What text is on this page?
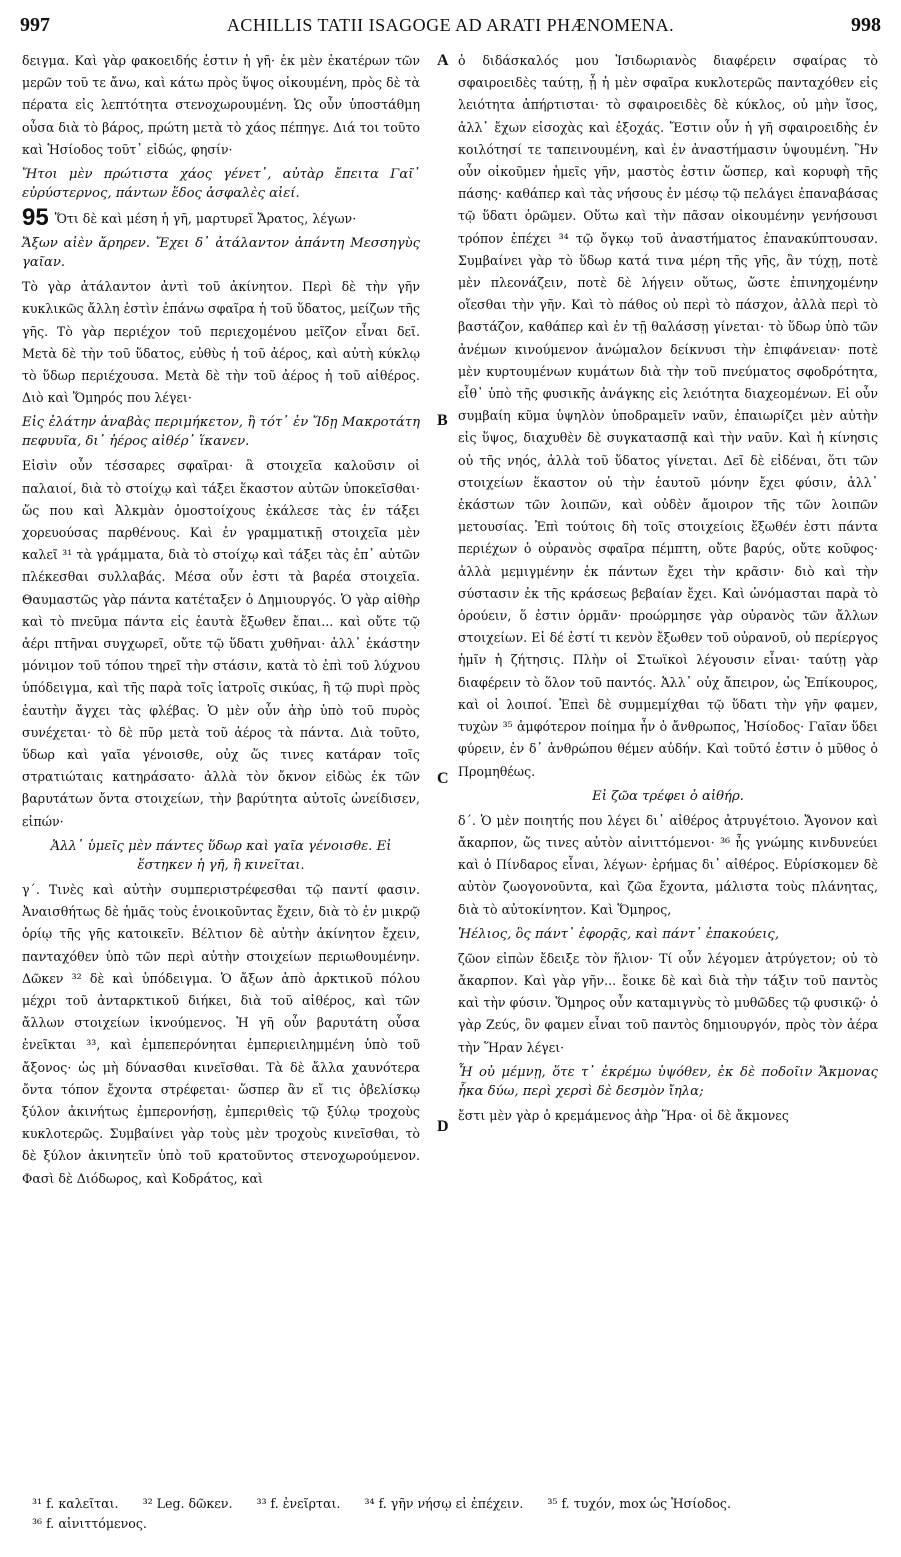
997	ACHILLIS TATII ISAGOGE AD ARATI PHÆNOMENA.	998

δειγμα. Καὶ γὰρ φακοειδής ἐστιν ἡ γῆ· ἐκ μὲν ἑκατέρων τῶν μερῶν τοῦ τε ἄνω, καὶ κάτω πρὸς ὕψος οἰκουμένη, πρὸς δὲ τὰ πέρατα εἰς λεπτότητα στενοχωρουμένη. Ὡς οὖν ὑποστάθμη οὖσα διὰ τὸ βάρος, πρώτη μετὰ τὸ χάος πέπηγε. Διά τοι τοῦτο καὶ Ἡσίοδος τοῦτ᾽ εἰδώς, φησίν·

Ἤτοι μὲν πρώτιστα χάος γένετ᾽, αὐτὰρ ἔπειτα Γαῖ᾽ εὐρύστερνος, πάντων ἕδος ἀσφαλὲς αἰεί.

95 Ὅτι δὲ καὶ μέση ἡ γῆ, μαρτυρεῖ Ἄρατος, λέγων·

Ἄξων αἰὲν ἄρηρεν. Ἔχει δ᾽ ἀτάλαντον ἁπάντη Μεσσηγὺς γαῖαν.

Τὸ γὰρ ἀτάλαντον ἀντὶ τοῦ ἀκίνητον. Περὶ δὲ τὴν γῆν κυκλικῶς ἄλλη ἐστὶν ἐπάνω σφαῖρα ἡ τοῦ ὕδατος, μείζων τῆς γῆς. Τὸ γὰρ περιέχον τοῦ περιεχομένου μεῖζον εἶναι δεῖ. Μετὰ δὲ τὴν τοῦ ὕδατος, εὐθὺς ἡ τοῦ ἀέρος, καὶ αὐτὴ κύκλῳ τὸ ὕδωρ περιέχουσα. Μετὰ δὲ τὴν τοῦ ἀέρος ἡ τοῦ αἰθέρος. Διὸ καὶ Ὅμηρός που λέγει·

Εἰς ἐλάτην ἀναβὰς περιμήκετον, ἢ τότ᾽ ἐν Ἴδῃ Μακροτάτη πεφυυῖα, δι᾽ ἠέρος αἰθέρ᾽ ἵκανεν.

Εἰσὶν οὖν τέσσαρες σφαῖραι· ἃ στοιχεῖα καλοῦσιν οἱ παλαιοί, διὰ τὸ στοίχῳ καὶ τάξει ἕκαστον αὐτῶν ὑποκεῖσθαι· ὥς που καὶ Ἀλκμὰν ὁμοστοίχους ἐκάλεσε τὰς ἐν τάξει χορευούσας παρθένους. Καὶ ἐν γραμματικῇ στοιχεῖα μὲν καλεῖ ³¹ τὰ γράμματα, διὰ τὸ στοίχῳ καὶ τάξει τὰς ἐπ᾽ αὐτῶν πλέκεσθαι συλλαβάς. Μέσα οὖν ἐστι τὰ βαρέα στοιχεῖα. Θαυμαστῶς γὰρ πάντα κατέταξεν ὁ Δημιουργός. Ὁ γὰρ αἰθὴρ καὶ τὸ πνεῦμα πάντα εἰς ἑαυτὰ ἔξωθεν ἔπαι... καὶ οὔτε τῷ ἀέρι πτῆναι συγχωρεῖ, οὔτε τῷ ὕδατι χυθῆναι· ἀλλ᾽ ἑκάστην μόνιμον τοῦ τόπου τηρεῖ τὴν στάσιν, κατὰ τὸ ἐπὶ τοῦ λύχνου ὑπόδειγμα, καὶ τῆς παρὰ τοῖς ἰατροῖς σικύας, ἢ τῷ πυρὶ πρὸς ἑαυτὴν ἄγχει τὰς φλέβας. Ὁ μὲν οὖν ἀὴρ ὑπὸ τοῦ πυρὸς συνέχεται· τὸ δὲ πῦρ μετὰ τοῦ ἀέρος τὰ πάντα. Διὰ τοῦτο, ὕδωρ καὶ γαῖα γένοισθε, οὐχ ὥς τινες κατάραν τοῖς στρατιώταις κατηράσατο· ἀλλὰ τὸν ὄκνον εἰδὼς ἐκ τῶν βαρυτάτων ὄντα στοιχείων, τὴν βαρύτητα αὐτοῖς ὠνείδισεν, εἰπών·

Ἀλλ᾽ ὑμεῖς μὲν πάντες ὕδωρ καὶ γαῖα γένοισθε. Εἰ ἕστηκεν ἡ γῆ, ἢ κινεῖται.

γ´. Τινὲς καὶ αὐτὴν συμπεριστρέφεσθαι τῷ παντί φασιν. Ἀναισθήτως δὲ ἡμᾶς τοὺς ἐνοικοῦντας ἔχειν, διὰ τὸ ἐν μικρῷ ὁρίῳ τῆς γῆς κατοικεῖν. Βέλτιον δὲ αὐτὴν ἀκίνητον ἔχειν, πανταχόθεν ὑπὸ τῶν περὶ αὐτὴν στοιχείων περιωθουμένην. Δῶκεν ³² δὲ καὶ ὑπόδειγμα. Ὁ ἄξων ἀπὸ ἀρκτικοῦ πόλου μέχρι τοῦ ἀνταρκτικοῦ διήκει, διὰ τοῦ αἰθέρος, καὶ τῶν ἄλλων στοιχείων ἱκνούμενος. Ἡ γῆ οὖν βαρυτάτη οὖσα ἐνεῖκται ³³, καὶ ἐμπεπερόνηται ἐμπεριειλημμένη ὑπὸ τοῦ ἄξονος· ὡς μὴ δύνασθαι κινεῖσθαι. Τὰ δὲ ἄλλα χαυνότερα ὄντα τόπον ἔχοντα στρέφεται· ὥσπερ ἂν εἴ τις ὀβελίσκῳ ξύλον ἀκινήτως ἐμπερονήσῃ, ἐμπεριθεὶς τῷ ξύλῳ τροχοὺς κυκλοτερῶς. Συμβαίνει γὰρ τοὺς μὲν τροχοὺς κινεῖσθαι, τὸ δὲ ξύλον ἀκινητεῖν ὑπὸ τοῦ κρατοῦντος στενοχωρούμενον. Φασὶ δὲ Διόδωρος, καὶ Κοδράτος, καὶ

ὁ διδάσκαλός μου Ἰσιδωριανὸς διαφέρειν σφαίρας τὸ σφαιροειδὲς ταύτῃ, ᾗ ἡ μὲν σφαῖρα κυκλοτερῶς πανταχόθεν εἰς λειότητα ἀπήρτισται· τὸ σφαιροειδὲς δὲ κύκλος, οὐ μὴν ἴσος, ἀλλ᾽ ἔχων εἰσοχὰς καὶ ἐξοχάς. Ἔστιν οὖν ἡ γῆ σφαιροειδὴς ἐν κοιλότησί τε ταπεινουμένη, καὶ ἐν ἀναστήμασιν ὑψουμένη. Ἣν οὖν οἰκοῦμεν ἡμεῖς γῆν, μαστὸς ἐστιν ὥσπερ, καὶ κορυφὴ τῆς πάσης· καθάπερ καὶ τὰς νήσους ἐν μέσῳ τῷ πελάγει ἐπαναβάσας τῷ ὕδατι ὁρῶμεν. Οὕτω καὶ τὴν πᾶσαν οἰκουμένην γενήσουσι τρόπον ἐπέχει ³⁴ τῷ ὄγκῳ τοῦ ἀναστήματος ἐπανακύπτουσαν. Συμβαίνει γὰρ τὸ ὕδωρ κατά τινα μέρη τῆς γῆς, ἂν τύχῃ, ποτὲ μὲν πλεονάζειν, ποτὲ δὲ λήγειν οὕτως, ὥστε ἐπινηχομένην οἴεσθαι τὴν γῆν. Καὶ τὸ πάθος οὐ περὶ τὸ πάσχον, ἀλλὰ περὶ τὸ βαστάζον, καθάπερ καὶ ἐν τῇ θαλάσσῃ γίνεται· τὸ ὕδωρ ὑπὸ τῶν ἀνέμων κινούμενον ἀνώμαλον δείκνυσι τὴν ἐπιφάνειαν· ποτὲ μὲν κυρτουμένων κυμάτων διὰ τὴν τοῦ πνεύματος σφοδρότητα, εἶθ᾽ ὑπὸ τῆς φυσικῆς ἀνάγκης εἰς λειότητα διαχεομένων. Εἰ οὖν συμβαίη κῦμα ὑψηλὸν ὑποδραμεῖν ναῦν, ἐπαιωρίζει μὲν αὐτὴν εἰς ὕψος, διαχυθὲν δὲ συγκατασπᾷ καὶ τὴν ναῦν. Καὶ ἡ κίνησις οὐ τῆς νηός, ἀλλὰ τοῦ ὕδατος γίνεται. Δεῖ δὲ εἰδέναι, ὅτι τῶν στοιχείων ἕκαστον οὐ τὴν ἑαυτοῦ μόνην ἔχει φύσιν, ἀλλ᾽ ἑκάστων τῶν λοιπῶν, καὶ οὐδὲν ἄμοιρον τῆς τῶν λοιπῶν μετουσίας. Ἐπὶ τούτοις δὴ τοῖς στοιχείοις ἔξωθέν ἐστι πάντα περιέχων ὁ οὐρανὸς σφαῖρα πέμπτη, οὔτε βαρύς, οὔτε κοῦφος· ἀλλὰ μεμιγμένην ἐκ πάντων ἔχει τὴν κρᾶσιν· διὸ καὶ τὴν σύστασιν ἐκ τῆς κράσεως βεβαίαν ἔχει. Καὶ ὠνόμασται παρὰ τὸ ὀρούειν, ὅ ἐστιν ὁρμᾶν· προώρμησε γὰρ οὐρανὸς τῶν ἄλλων στοιχείων. Εἰ δέ ἐστί τι κενὸν ἔξωθεν τοῦ οὐρανοῦ, οὐ περίεργος ἡμῖν ἡ ζήτησις. Πλὴν οἱ Στωϊκοὶ λέγουσιν εἶναι· ταύτῃ γὰρ διαφέρειν τὸ ὅλον τοῦ παντός. Ἀλλ᾽ οὐχ ἄπειρον, ὡς Ἐπίκουρος, καὶ οἱ λοιποί. Ἐπεὶ δὲ συμμεμίχθαι τῷ ὕδατι τὴν γῆν φαμεν, τυχὼν ³⁵ ἀμφότερον ποίημα ἦν ὁ ἄνθρωπος, Ἡσίοδος· Γαῖαν ὕδει φύρειν, ἐν δ᾽ ἀνθρώπου θέμεν αὐδήν. Καὶ τοῦτό ἐστιν ὁ μῦθος ὁ Προμηθέως.

Εἰ ζῶα τρέφει ὁ αἰθήρ.

δ´. Ὁ μὲν ποιητής που λέγει δι᾽ αἰθέρος ἀτρυγέτοιο. Ἄγονον καὶ ἄκαρπον, ὥς τινες αὐτὸν αἰνιττόμενοι· ³⁶ ἧς γνώμης κινδυνεύει καὶ ὁ Πίνδαρος εἶναι, λέγων· ἐρήμας δι᾽ αἰθέρος. Εὑρίσκομεν δὲ αὐτὸν ζωογονοῦντα, καὶ ζῶα ἔχοντα, μάλιστα τοὺς πλάνητας, διὰ τὸ αὐτοκίνητον. Καὶ Ὅμηρος,

Ἠέλιος, ὃς πάντ᾽ ἐφορᾷς, καὶ πάντ᾽ ἐπακούεις,

ζῶον εἰπὼν ἔδειξε τὸν ἥλιον· Τί οὖν λέγομεν ἀτρύγετον; οὐ τὸ ἄκαρπον. Καὶ γὰρ γῆν... ἔοικε δὲ καὶ διὰ τὴν τάξιν τοῦ παντὸς καὶ τὴν φύσιν. Ὅμηρος οὖν καταμιγνὺς τὸ μυθῶδες τῷ φυσικῷ· ὁ γὰρ Ζεύς, ὃν φαμεν εἶναι τοῦ παντὸς δημιουργόν, πρὸς τὸν ἀέρα τὴν Ἥραν λέγει·

Ἦ οὐ μέμνῃ, ὅτε τ᾽ ἐκρέμω ὑψόθεν, ἐκ δὲ ποδοῖιν Ἄκμονας ἧκα δύω, περὶ χερσὶ δὲ δεσμὸν ἴηλα;

ἔστι μὲν γὰρ ὁ κρεμάμενος ἀὴρ Ἥρα· οἱ δὲ ἄκμονες

A
B
C
D
³¹ f. καλεῖται. ³² Leg. δῶκεν. ³³ f. ἐνεῖρται. ³⁴ f. γῆν νήσῳ εἰ ἐπέχειν. ³⁵ f. τυχόν, mox ὡς Ἡσίοδος.
³⁶ f. αἰνιττόμενος.
